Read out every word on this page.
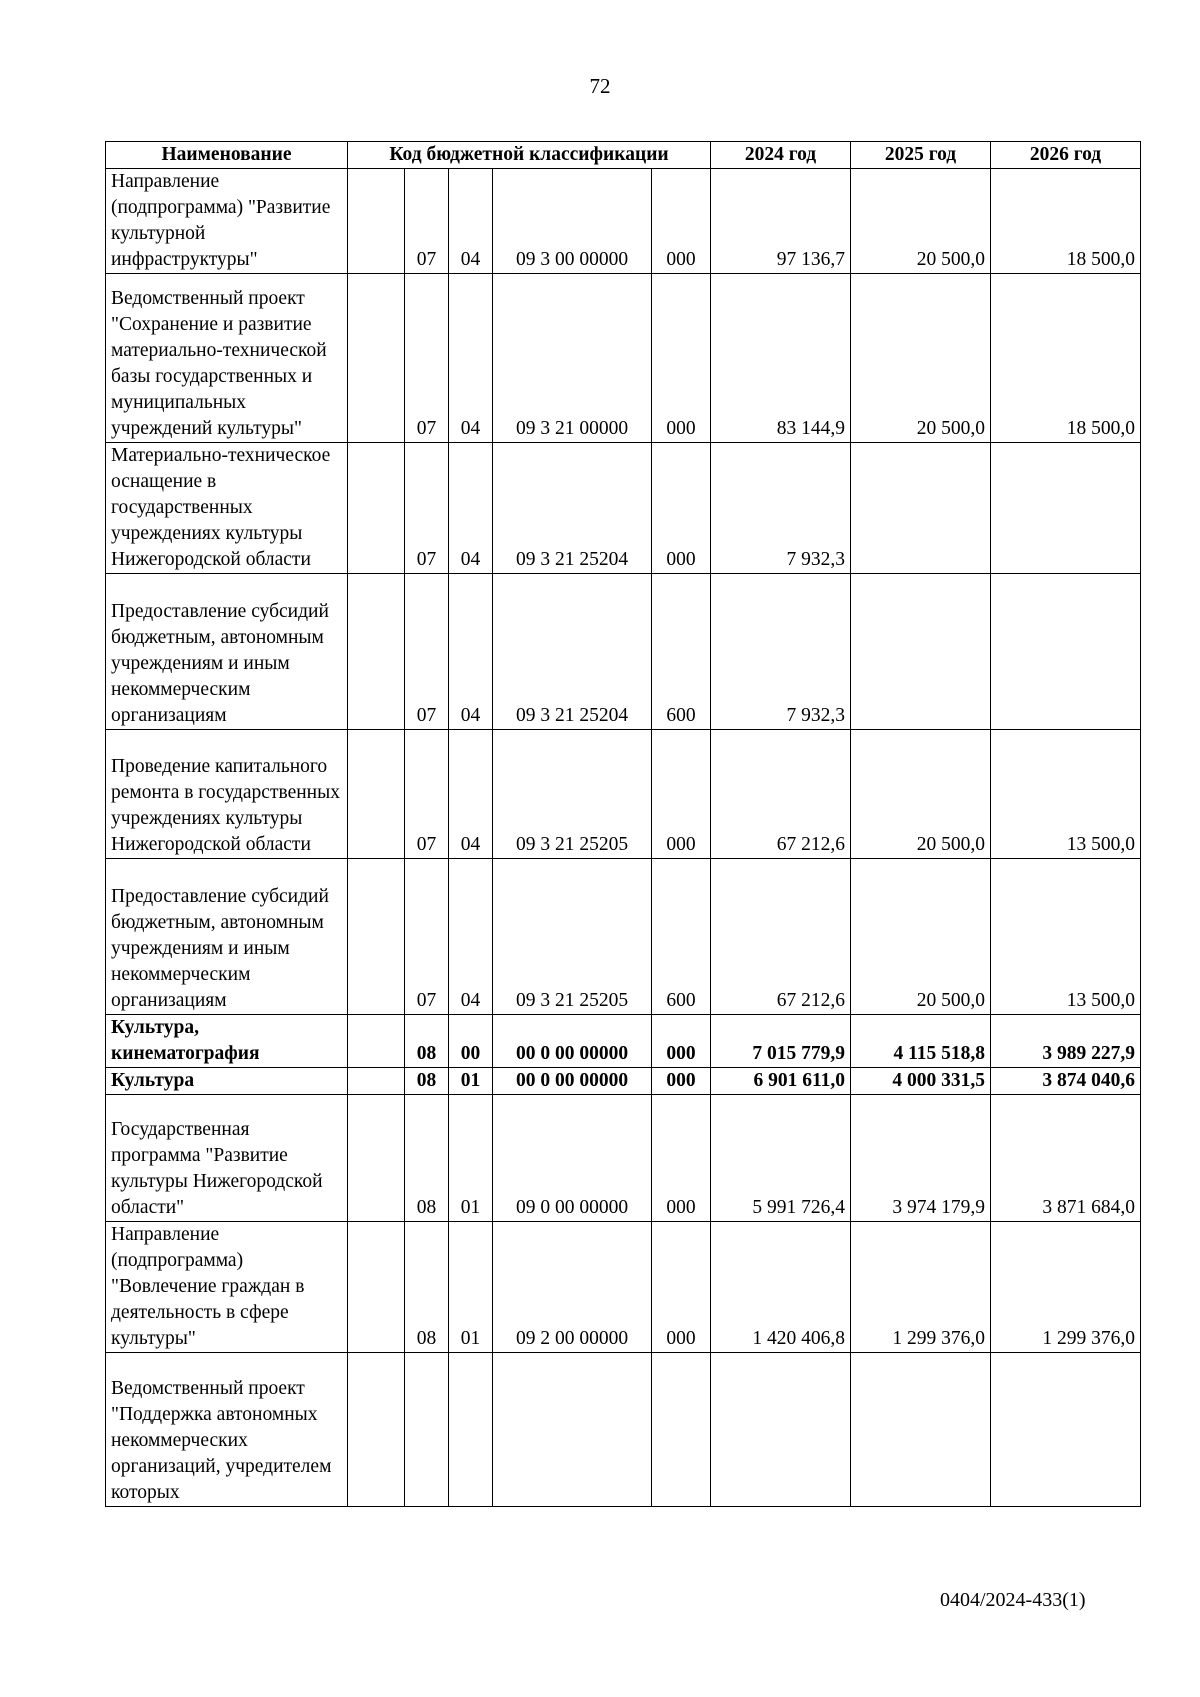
72
Наименование	Код бюджетной классификации					2024 год	2025 год	2026 год
Направление (подпрограмма) "Развитие культурной инфраструктуры"		07	04	09 3 00 00000	000	97 136,7	20 500,0	18 500,0
Ведомственный проект "Сохранение и развитие материально-технической базы государственных и муниципальных учреждений культуры"		07	04	09 3 21 00000	000	83 144,9	20 500,0	18 500,0
Материально-техническое оснащение в государственных учреждениях культуры Нижегородской области		07	04	09 3 21 25204	000	7 932,3		
Предоставление субсидий бюджетным, автономным учреждениям и иным некоммерческим организациям		07	04	09 3 21 25204	600	7 932,3		
Проведение капитального ремонта в государственных учреждениях культуры Нижегородской области		07	04	09 3 21 25205	000	67 212,6	20 500,0	13 500,0
Предоставление субсидий бюджетным, автономным учреждениям и иным некоммерческим организациям		07	04	09 3 21 25205	600	67 212,6	20 500,0	13 500,0
Культура, кинематография		08	00	00 0 00 00000	000	7 015 779,9	4 115 518,8	3 989 227,9
Культура		08	01	00 0 00 00000	000	6 901 611,0	4 000 331,5	3 874 040,6
Государственная программа "Развитие культуры Нижегородской области"		08	01	09 0 00 00000	000	5 991 726,4	3 974 179,9	3 871 684,0
Направление (подпрограмма) "Вовлечение граждан в деятельность в сфере культуры"		08	01	09 2 00 00000	000	1 420 406,8	1 299 376,0	1 299 376,0
Ведомственный проект "Поддержка автономных некоммерческих организаций, учредителем которых								
0404/2024-433(1)
